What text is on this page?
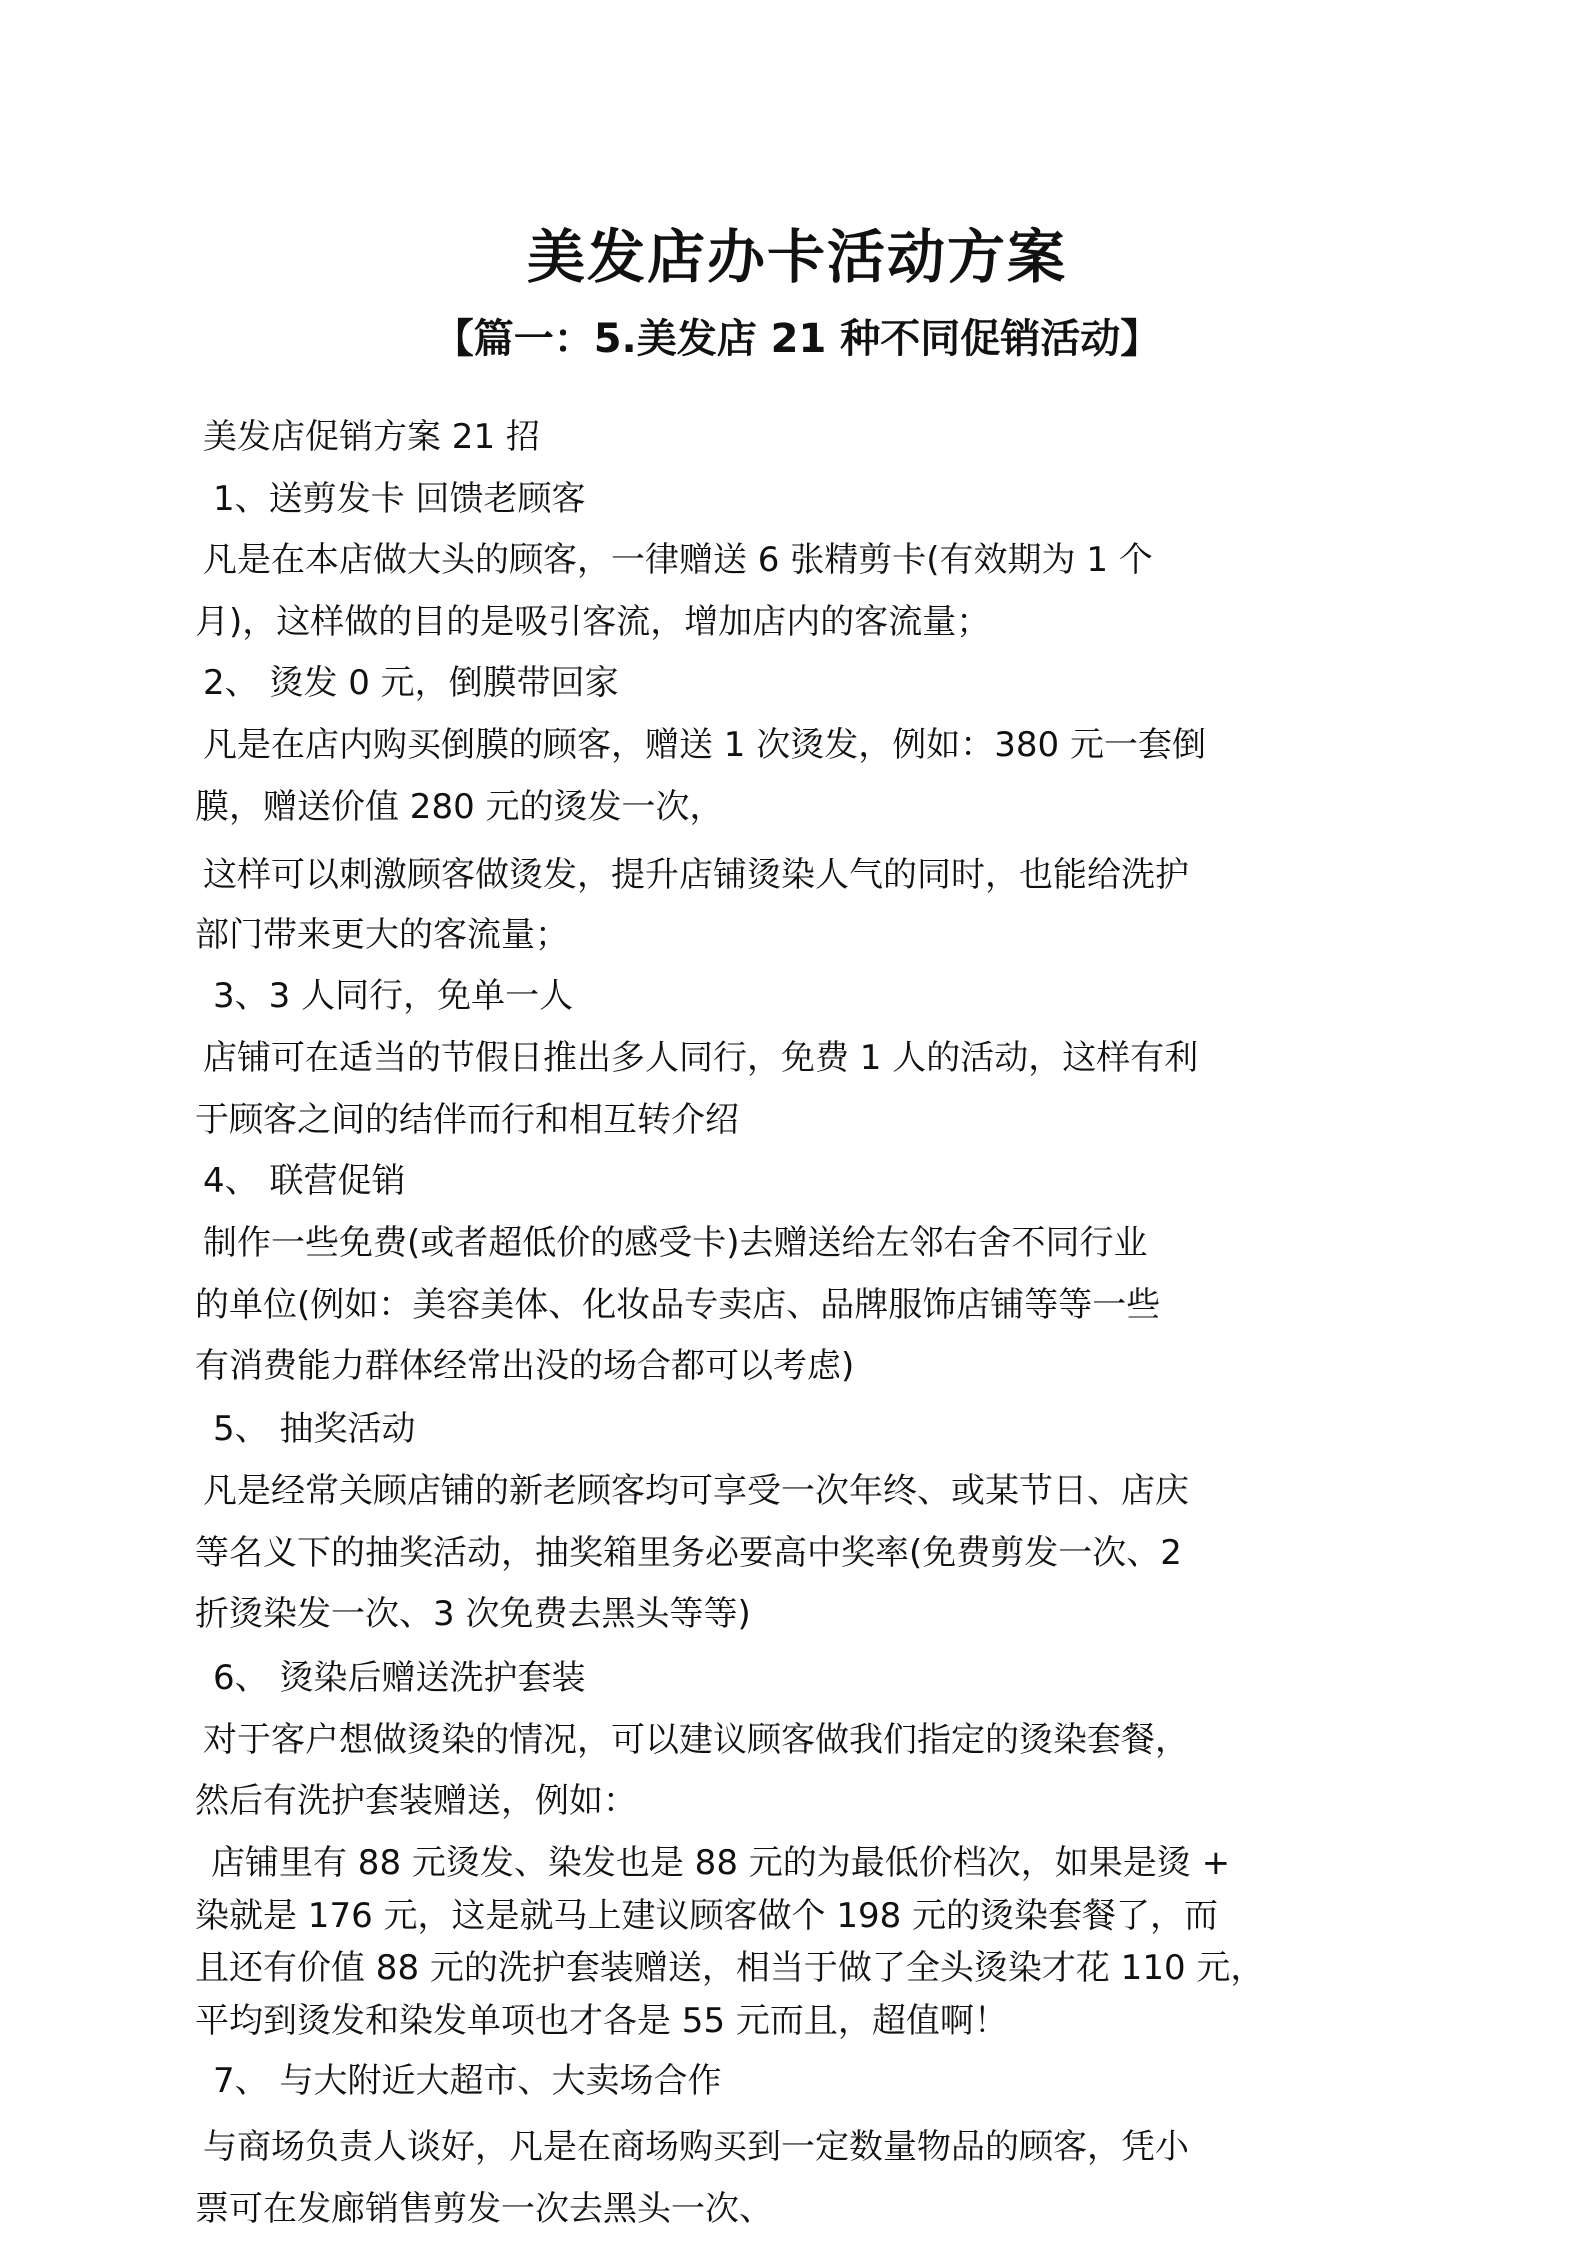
美发店办卡活动方案
【篇一：5.美发店 21 种不同促销活动】
美发店促销方案 21 招
1、送剪发卡 回馈老顾客
凡是在本店做大头的顾客，一律赠送 6 张精剪卡(有效期为 1 个
月)，这样做的目的是吸引客流，增加店内的客流量；
2、 烫发 0 元，倒膜带回家
凡是在店内购买倒膜的顾客，赠送 1 次烫发，例如：380 元一套倒
膜，赠送价值 280 元的烫发一次，
这样可以刺激顾客做烫发，提升店铺烫染人气的同时，也能给洗护
部门带来更大的客流量；
3、3 人同行，免单一人
店铺可在适当的节假日推出多人同行，免费 1 人的活动，这样有利
于顾客之间的结伴而行和相互转介绍
4、 联营促销
制作一些免费(或者超低价的感受卡)去赠送给左邻右舍不同行业
的单位(例如：美容美体、化妆品专卖店、品牌服饰店铺等等一些
有消费能力群体经常出没的场合都可以考虑)
5、 抽奖活动
凡是经常关顾店铺的新老顾客均可享受一次年终、或某节日、店庆
等名义下的抽奖活动，抽奖箱里务必要高中奖率(免费剪发一次、2
折烫染发一次、3 次免费去黑头等等)
6、 烫染后赠送洗护套装
对于客户想做烫染的情况，可以建议顾客做我们指定的烫染套餐，
然后有洗护套装赠送，例如：
店铺里有 88 元烫发、染发也是 88 元的为最低价档次，如果是烫 +
染就是 176 元，这是就马上建议顾客做个 198 元的烫染套餐了，而
且还有价值 88 元的洗护套装赠送，相当于做了全头烫染才花 110 元，
平均到烫发和染发单项也才各是 55 元而且，超值啊！
7、 与大附近大超市、大卖场合作
与商场负责人谈好，凡是在商场购买到一定数量物品的顾客，凭小
票可在发廊销售剪发一次去黑头一次、
